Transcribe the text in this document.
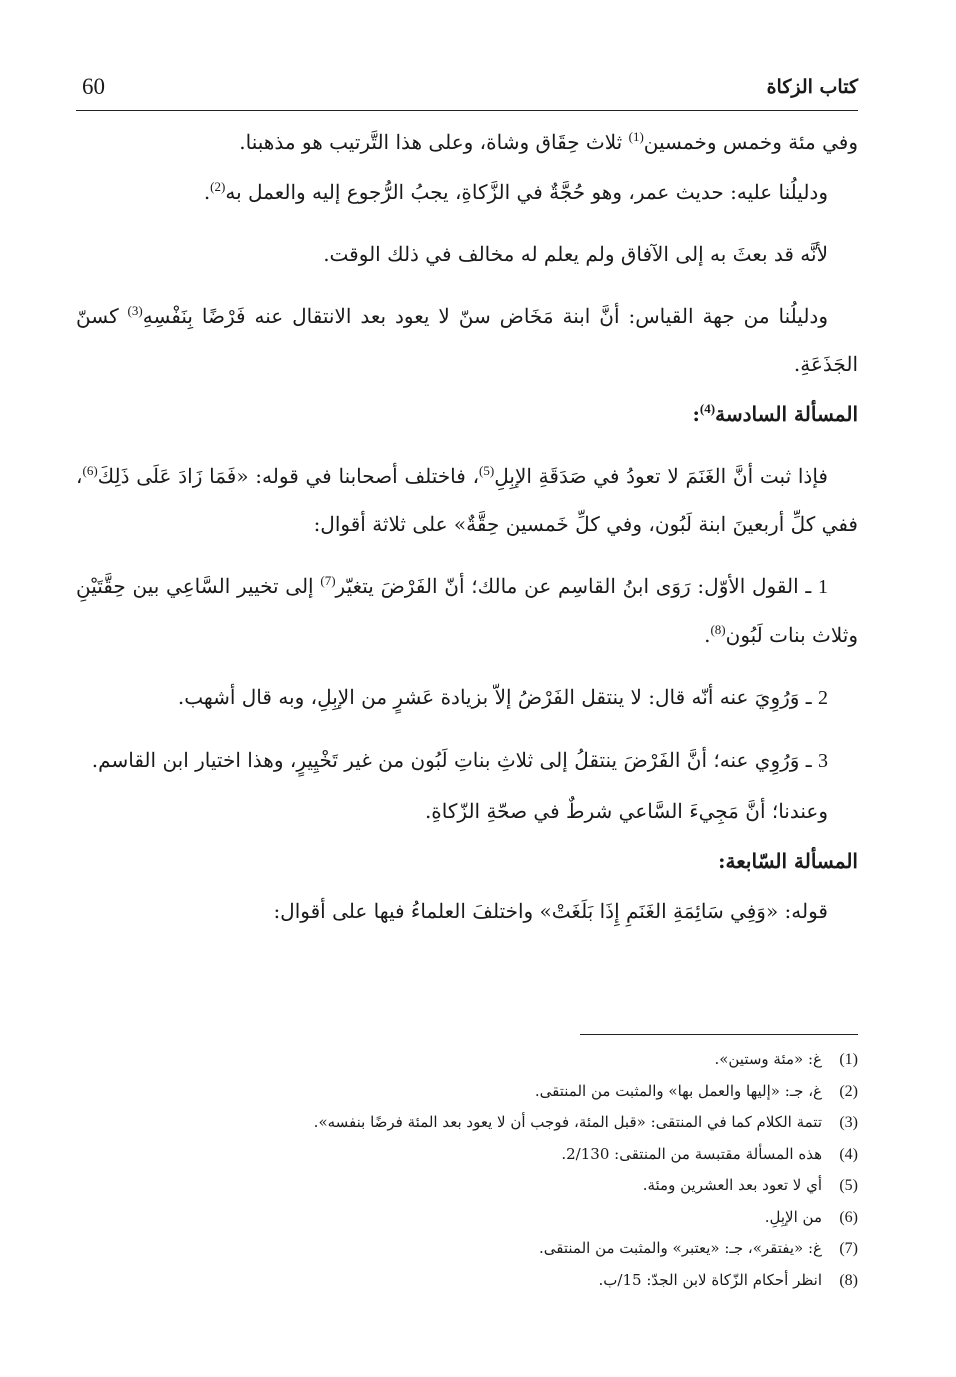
60	كتاب الزكاة

وفي مئة وخمس وخمسين$^{(1)}$ ثلاث حِقَاق وشاة، وعلى هذا التَّرتيب هو مذهبنا.

ودليلُنا عليه: حديث عمر، وهو حُجَّةٌ في الزَّكاةِ، يجبُ الرُّجوع إليه والعمل به$^{(2)}$.

لأنَّه قد بعثَ به إلى الآفاق ولم يعلم له مخالف في ذلك الوقت.

ودليلُنا من جهة القياس: أنَّ ابنة مَخَاض سنّ لا يعود بعد الانتقال عنه فَرْضًا بِنَفْسِهِ$^{(3)}$ كسنّ الجَذَعَةِ.

المسألة السادسة$^{(4)}$:

فإذا ثبت أنَّ الغَنَمَ لا تعودُ في صَدَقَةِ الإبِلِ$^{(5)}$، فاختلف أصحابنا في قوله: «فَمَا زَادَ عَلَى ذَلِكَ$^{(6)}$، ففي كلِّ أربعينَ ابنة لَبُون، وفي كلِّ خَمسين حِقَّةٌ» على ثلاثة أقوال:

1 ـ القول الأوّل: رَوَى ابنُ القاسِم عن مالك؛ أنّ الفَرْضَ يتغيّر$^{(7)}$ إلى تخيير السَّاعِي بين حِقَّتَيْنِ وثلاث بنات لَبُون$^{(8)}$.

2 ـ وَرُوِيَ عنه أنّه قال: لا ينتقل الفَرْضُ إلاّ بزيادة عَشرٍ من الإبِلِ، وبه قال أشهب.

3 ـ وَرُوِي عنه؛ أنَّ الفَرْضَ ينتقلُ إلى ثلاثِ بناتِ لَبُون من غير تَخْيِيرٍ، وهذا اختيار ابن القاسم.

وعندنا؛ أنَّ مَجِيءَ السَّاعي شرطٌ في صحّةِ الزّكاةِ.

المسألة السّابعة:

قوله: «وَفِي سَائِمَةِ الغَنَمِ إِذَا بَلَغَتْ» واختلفَ العلماءُ فيها على أقوال:

(1)
غ: «مئة وستين».
(2)
غ، جـ: «إليها والعمل بها» والمثبت من المنتقى.
(3)
تتمة الكلام كما في المنتقى: «قبل المئة، فوجب أن لا يعود بعد المئة فرضًا بنفسه».
(4)
هذه المسألة مقتبسة من المنتقى: 2/130.
(5)
أي لا تعود بعد العشرين ومئة.
(6)
من الإبِلِ.
(7)
غ: «يفتقر»، جـ: «يعتبر» والمثبت من المنتقى.
(8)
انظر أحكام الزّكاة لابن الجدّ: 15/ب.
